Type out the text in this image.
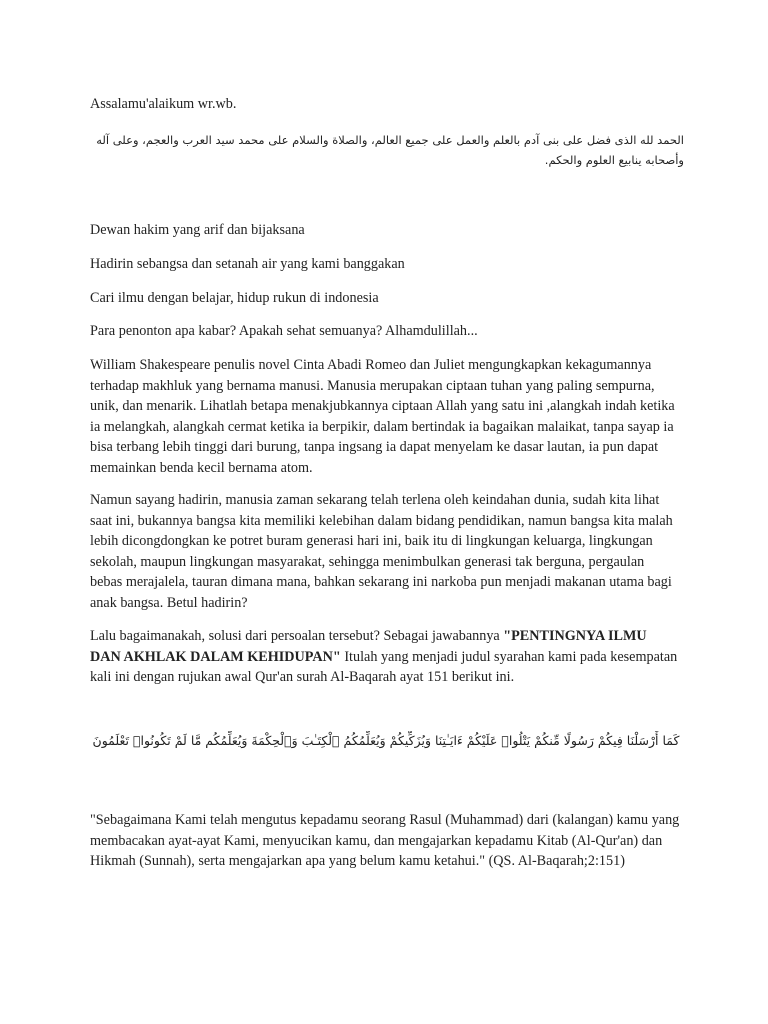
Assalamu'alaikum wr.wb.

الحمد لله الذى فضل على بنى آدم بالعلم والعمل على جميع العالم، والصلاة والسلام على محمد سيد العرب والعجم، وعلى آله وأصحابه ينابيع العلوم والحكم.

Dewan hakim yang arif dan bijaksana

Hadirin sebangsa dan setanah air yang kami banggakan

Cari ilmu dengan belajar, hidup rukun di indonesia

Para penonton apa kabar? Apakah sehat semuanya? Alhamdulillah...

William Shakespeare penulis novel Cinta Abadi Romeo dan Juliet mengungkapkan kekagumannya terhadap makhluk yang bernama manusi. Manusia merupakan ciptaan tuhan yang paling sempurna, unik, dan menarik. Lihatlah betapa menakjubkannya ciptaan Allah yang satu ini ,alangkah indah ketika ia melangkah, alangkah cermat ketika ia berpikir, dalam bertindak ia bagaikan malaikat, tanpa sayap ia bisa terbang lebih tinggi dari burung, tanpa ingsang ia dapat menyelam ke dasar lautan, ia pun dapat memainkan benda kecil bernama atom.

Namun sayang hadirin, manusia zaman sekarang telah terlena oleh keindahan dunia, sudah kita lihat saat ini, bukannya bangsa kita memiliki kelebihan dalam bidang pendidikan, namun bangsa kita malah lebih dicongdongkan ke potret buram generasi hari ini, baik itu di lingkungan keluarga, lingkungan sekolah, maupun lingkungan masyarakat, sehingga menimbulkan generasi tak berguna, pergaulan bebas merajalela, tauran dimana mana, bahkan sekarang ini narkoba pun menjadi makanan utama bagi anak bangsa. Betul hadirin?

Lalu bagaimanakah, solusi dari persoalan tersebut? Sebagai jawabannya "PENTINGNYA ILMU DAN AKHLAK DALAM KEHIDUPAN" Itulah yang menjadi judul syarahan kami pada kesempatan kali ini dengan rujukan awal Qur'an surah Al-Baqarah ayat 151 berikut ini.

كَمَا أَرْسَلْنَا فِيكُمْ رَسُولًا مِّنكُمْ يَتْلُوا۟ عَلَيْكُمْ ءَايَـٰتِنَا وَيُزَكِّيكُمْ وَيُعَلِّمُكُمُ ٱلْكِتَـٰبَ وَٱلْحِكْمَةَ وَيُعَلِّمُكُم مَّا لَمْ تَكُونُوا۟ تَعْلَمُونَ

"Sebagaimana Kami telah mengutus kepadamu seorang Rasul (Muhammad) dari (kalangan) kamu yang membacakan ayat-ayat Kami, menyucikan kamu, dan mengajarkan kepadamu Kitab (Al-Qur'an) dan Hikmah (Sunnah), serta mengajarkan apa yang belum kamu ketahui." (QS. Al-Baqarah;2:151)
